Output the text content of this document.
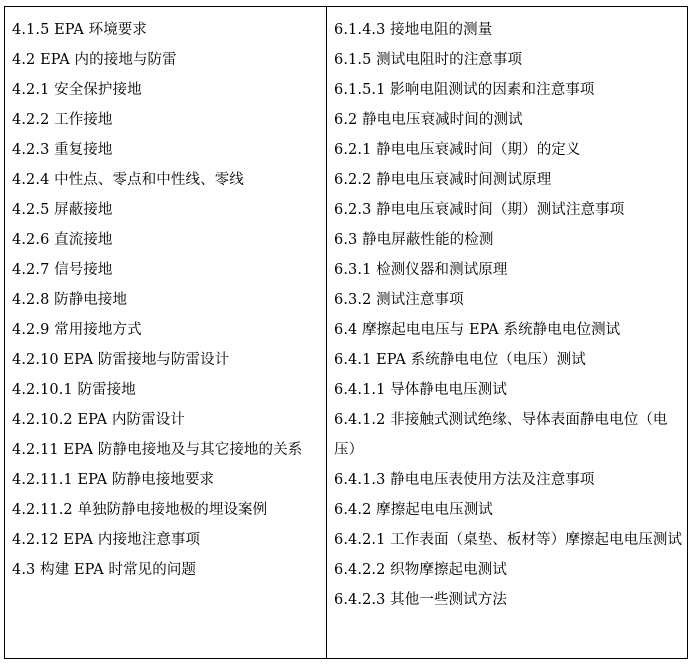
4.1.5 EPA 环境要求
4.2 EPA 内的接地与防雷
4.2.1 安全保护接地
4.2.2 工作接地
4.2.3 重复接地
4.2.4 中性点、零点和中性线、零线
4.2.5 屏蔽接地
4.2.6 直流接地
4.2.7 信号接地
4.2.8 防静电接地
4.2.9 常用接地方式
4.2.10 EPA 防雷接地与防雷设计
4.2.10.1 防雷接地
4.2.10.2 EPA 内防雷设计
4.2.11 EPA 防静电接地及与其它接地的关系
4.2.11.1 EPA 防静电接地要求
4.2.11.2 单独防静电接地极的埋设案例
4.2.12 EPA 内接地注意事项
4.3 构建 EPA 时常见的问题
6.1.4.3 接地电阻的测量
6.1.5 测试电阻时的注意事项
6.1.5.1 影响电阻测试的因素和注意事项
6.2 静电电压衰减时间的测试
6.2.1 静电电压衰减时间（期）的定义
6.2.2 静电电压衰减时间测试原理
6.2.3 静电电压衰减时间（期）测试注意事项
6.3 静电屏蔽性能的检测
6.3.1 检测仪器和测试原理
6.3.2 测试注意事项
6.4 摩擦起电电压与 EPA 系统静电电位测试
6.4.1 EPA 系统静电电位（电压）测试
6.4.1.1 导体静电电压测试
6.4.1.2 非接触式测试绝缘、导体表面静电电位（电压）
6.4.1.3 静电电压表使用方法及注意事项
6.4.2 摩擦起电电压测试
6.4.2.1 工作表面（桌垫、板材等）摩擦起电电压测试
6.4.2.2 织物摩擦起电测试
6.4.2.3 其他一些测试方法
